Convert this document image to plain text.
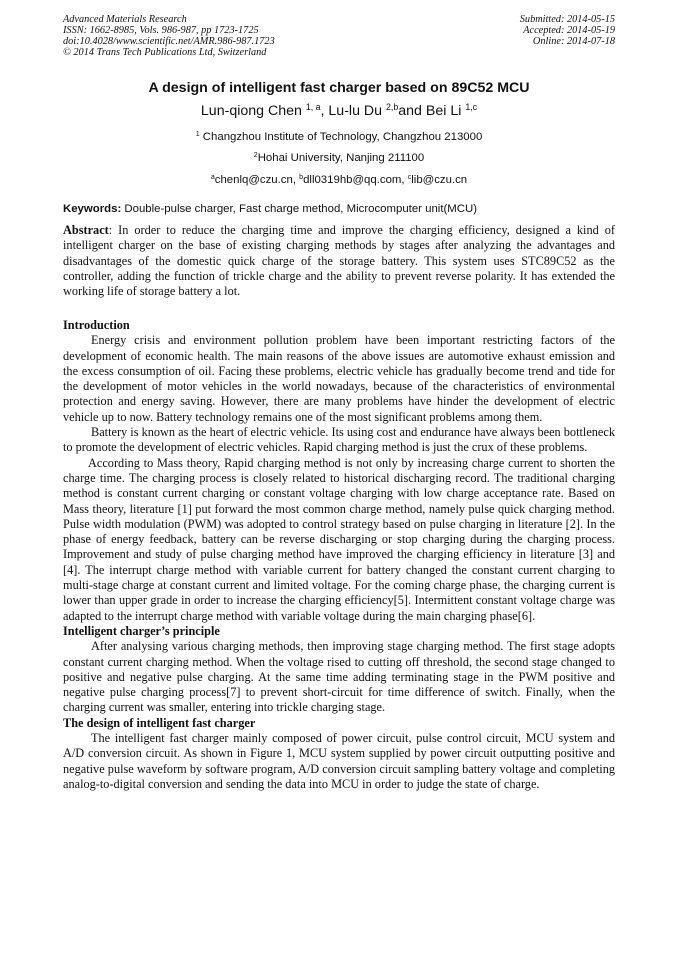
Advanced Materials Research
ISSN: 1662-8985, Vols. 986-987, pp 1723-1725
doi:10.4028/www.scientific.net/AMR.986-987.1723
© 2014 Trans Tech Publications Ltd, Switzerland
Submitted: 2014-05-15
Accepted: 2014-05-19
Online: 2014-07-18
A design of intelligent fast charger based on 89C52 MCU
Lun-qiong Chen $^{1, a}$, Lu-lu Du $^{2,b}$and Bei Li $^{1,c}$
$^1$ Changzhou Institute of Technology, Changzhou 213000
$^2$Hohai University, Nanjing 211100
$^a$chenlq@czu.cn, $^b$dll0319hb@qq.com, $^c$lib@czu.cn
Keywords: Double-pulse charger, Fast charge method, Microcomputer unit(MCU)

Abstract: In order to reduce the charging time and improve the charging efficiency, designed a kind of intelligent charger on the base of existing charging methods by stages after analyzing the advantages and disadvantages of the domestic quick charge of the storage battery. This system uses STC89C52 as the controller, adding the function of trickle charge and the ability to prevent reverse polarity. It has extended the working life of storage battery a lot.

Introduction

Energy crisis and environment pollution problem have been important restricting factors of the development of economic health. The main reasons of the above issues are automotive exhaust emission and the excess consumption of oil. Facing these problems, electric vehicle has gradually become trend and tide for the development of motor vehicles in the world nowadays, because of the characteristics of environmental protection and energy saving. However, there are many problems have hinder the development of electric vehicle up to now. Battery technology remains one of the most significant problems among them.

Battery is known as the heart of electric vehicle. Its using cost and endurance have always been bottleneck to promote the development of electric vehicles. Rapid charging method is just the crux of these problems.

According to Mass theory, Rapid charging method is not only by increasing charge current to shorten the charge time. The charging process is closely related to historical discharging record. The traditional charging method is constant current charging or constant voltage charging with low charge acceptance rate. Based on Mass theory, literature [1] put forward the most common charge method, namely pulse quick charging method. Pulse width modulation (PWM) was adopted to control strategy based on pulse charging in literature [2]. In the phase of energy feedback, battery can be reverse discharging or stop charging during the charging process. Improvement and study of pulse charging method have improved the charging efficiency in literature [3] and [4]. The interrupt charge method with variable current for battery changed the constant current charging to multi-stage charge at constant current and limited voltage. For the coming charge phase, the charging current is lower than upper grade in order to increase the charging efficiency[5]. Intermittent constant voltage charge was adapted to the interrupt charge method with variable voltage during the main charging phase[6].

Intelligent charger’s principle

After analysing various charging methods, then improving stage charging method. The first stage adopts constant current charging method. When the voltage rised to cutting off threshold, the second stage changed to positive and negative pulse charging. At the same time adding terminating stage in the PWM positive and negative pulse charging process[7] to prevent short-circuit for time difference of switch. Finally, when the charging current was smaller, entering into trickle charging stage.

The design of intelligent fast charger

The intelligent fast charger mainly composed of power circuit, pulse control circuit, MCU system and A/D conversion circuit. As shown in Figure 1, MCU system supplied by power circuit outputting positive and negative pulse waveform by software program, A/D conversion circuit sampling battery voltage and completing analog-to-digital conversion and sending the data into MCU in order to judge the state of charge.
